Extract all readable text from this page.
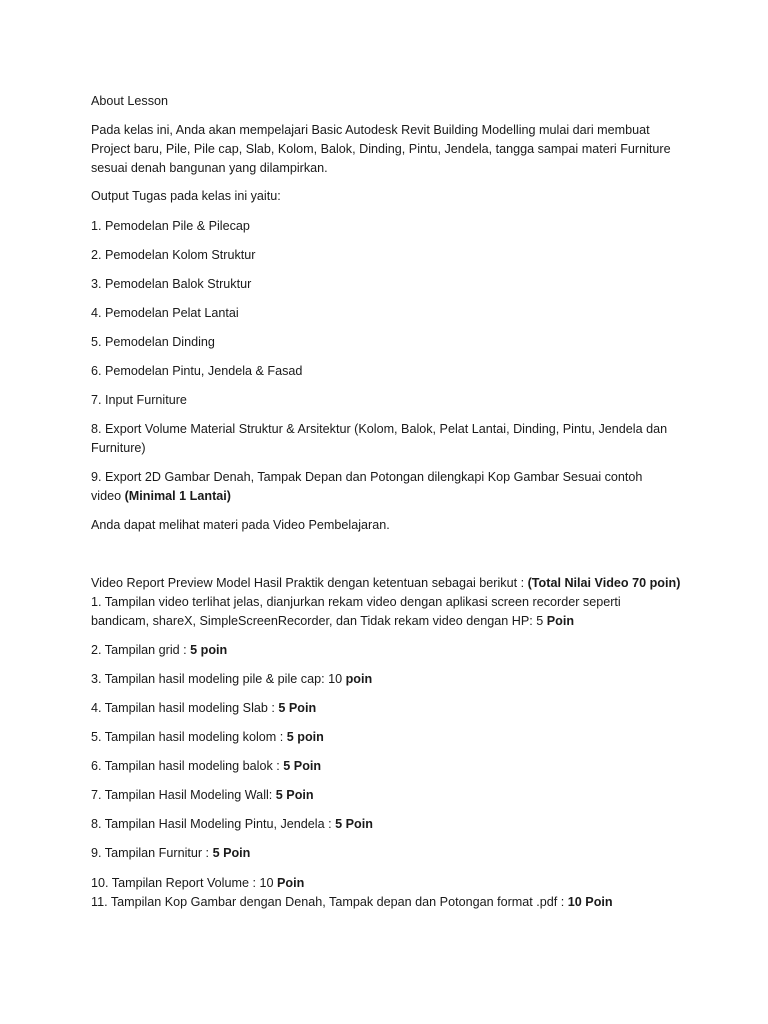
About Lesson
Pada kelas ini, Anda akan mempelajari Basic Autodesk Revit Building Modelling mulai dari membuat
Project baru, Pile, Pile cap, Slab, Kolom, Balok, Dinding, Pintu, Jendela, tangga sampai materi Furniture
sesuai denah bangunan yang dilampirkan.
Output Tugas pada kelas ini yaitu:
1. Pemodelan Pile & Pilecap
2. Pemodelan Kolom Struktur
3. Pemodelan Balok Struktur
4. Pemodelan Pelat Lantai
5. Pemodelan Dinding
6. Pemodelan Pintu, Jendela & Fasad
7. Input Furniture
8. Export Volume Material Struktur & Arsitektur (Kolom, Balok, Pelat Lantai, Dinding, Pintu, Jendela dan
Furniture)
9. Export 2D Gambar Denah, Tampak Depan dan Potongan dilengkapi Kop Gambar Sesuai contoh
video (Minimal 1 Lantai)
Anda dapat melihat materi pada Video Pembelajaran.
Video Report Preview Model Hasil Praktik dengan ketentuan sebagai berikut : (Total Nilai Video 70 poin)
1. Tampilan video terlihat jelas, dianjurkan rekam video dengan aplikasi screen recorder seperti
bandicam, shareX, SimpleScreenRecorder, dan Tidak rekam video dengan HP: 5 Poin
2. Tampilan grid : 5 poin
3. Tampilan hasil modeling pile & pile cap: 10 poin
4. Tampilan hasil modeling Slab : 5 Poin
5. Tampilan hasil modeling kolom : 5 poin
6. Tampilan hasil modeling balok : 5 Poin
7. Tampilan Hasil Modeling Wall: 5 Poin
8. Tampilan Hasil Modeling Pintu, Jendela : 5 Poin
9. Tampilan Furnitur : 5 Poin
10. Tampilan Report Volume : 10 Poin
11. Tampilan Kop Gambar dengan Denah, Tampak depan dan Potongan format .pdf : 10 Poin
